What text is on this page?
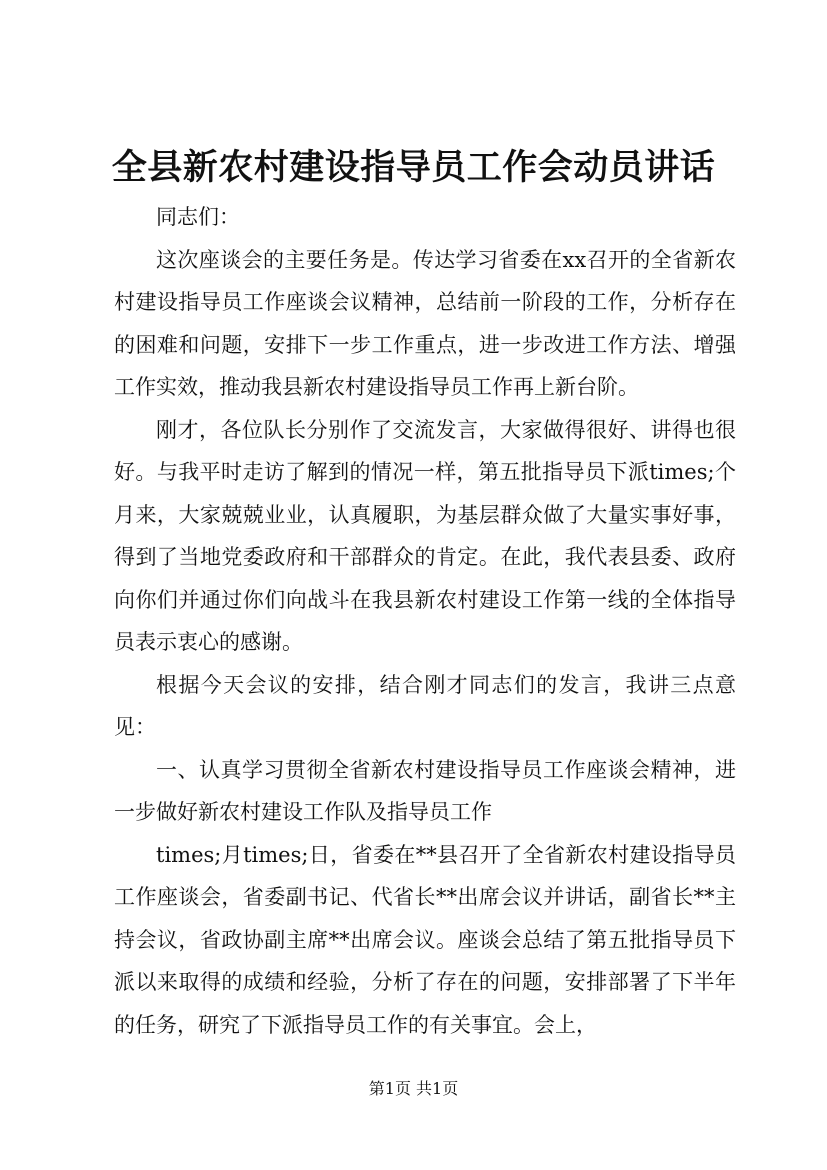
全县新农村建设指导员工作会动员讲话

同志们：

这次座谈会的主要任务是。传达学习省委在xx召开的全省新农村建设指导员工作座谈会议精神，总结前一阶段的工作，分析存在的困难和问题，安排下一步工作重点，进一步改进工作方法、增强工作实效，推动我县新农村建设指导员工作再上新台阶。

刚才，各位队长分别作了交流发言，大家做得很好、讲得也很好。与我平时走访了解到的情况一样，第五批指导员下派times;个月来，大家兢兢业业，认真履职，为基层群众做了大量实事好事，得到了当地党委政府和干部群众的肯定。在此，我代表县委、政府向你们并通过你们向战斗在我县新农村建设工作第一线的全体指导员表示衷心的感谢。

根据今天会议的安排，结合刚才同志们的发言，我讲三点意见：

一、认真学习贯彻全省新农村建设指导员工作座谈会精神，进一步做好新农村建设工作队及指导员工作

times;月times;日，省委在**县召开了全省新农村建设指导员工作座谈会，省委副书记、代省长**出席会议并讲话，副省长**主持会议，省政协副主席**出席会议。座谈会总结了第五批指导员下派以来取得的成绩和经验，分析了存在的问题，安排部署了下半年的任务，研究了下派指导员工作的有关事宜。会上，

第1页 共1页
